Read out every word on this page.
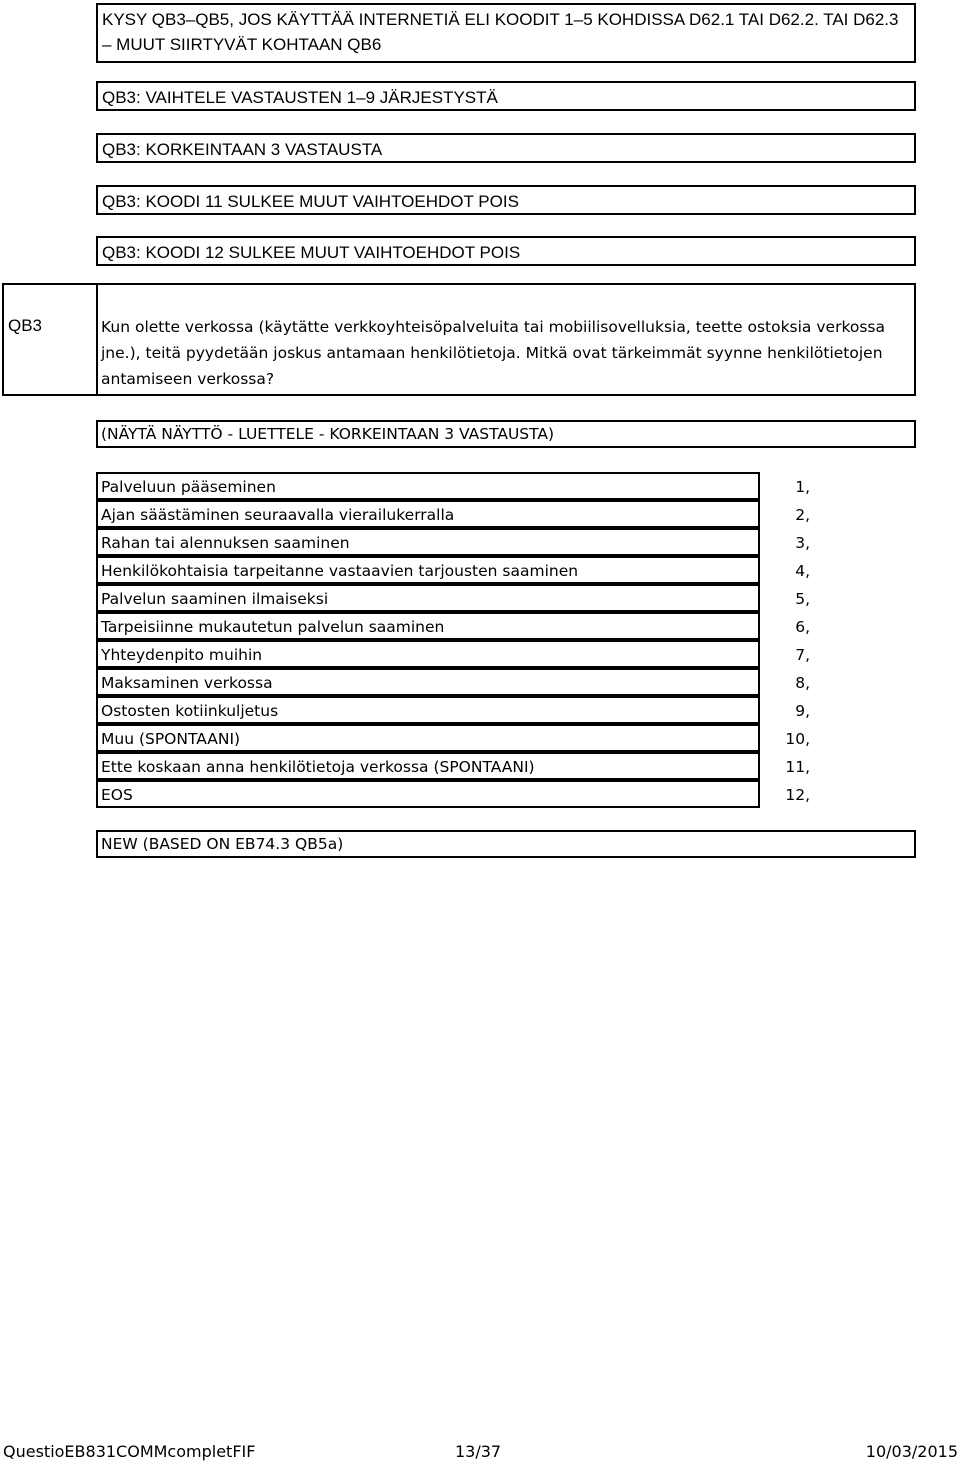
KYSY QB3–QB5, JOS KÄYTTÄÄ INTERNETIÄ ELI KOODIT 1–5 KOHDISSA D62.1 TAI D62.2. TAI D62.3 – MUUT SIIRTYVÄT KOHTAAN QB6
QB3: VAIHTELE VASTAUSTEN 1–9 JÄRJESTYSTÄ
QB3: KORKEINTAAN 3 VASTAUSTA
QB3: KOODI 11 SULKEE MUUT VAIHTOEHDOT POIS
QB3: KOODI 12 SULKEE MUUT VAIHTOEHDOT POIS
QB3	Kun olette verkossa (käytätte verkkoyhteisöpalveluita tai mobiilisovelluksia, teette ostoksia verkossa jne.), teitä pyydetään joskus antamaan henkilötietoja. Mitkä ovat tärkeimmät syynne henkilötietojen antamiseen verkossa?
(NÄYTÄ NÄYTTÖ - LUETTELE - KORKEINTAAN 3 VASTAUSTA)
Palveluun pääseminen	1,
Ajan säästäminen seuraavalla vierailukerralla	2,
Rahan tai alennuksen saaminen	3,
Henkilökohtaisia tarpeitanne vastaavien tarjousten saaminen	4,
Palvelun saaminen ilmaiseksi	5,
Tarpeisiinne mukautetun palvelun saaminen	6,
Yhteydenpito muihin	7,
Maksaminen verkossa	8,
Ostosten kotiinkuljetus	9,
Muu (SPONTAANI)	10,
Ette koskaan anna henkilötietoja verkossa (SPONTAANI)	11,
EOS	12,
NEW (BASED ON EB74.3 QB5a)
QuestioEB831COMMcompletFIF	13/37	10/03/2015
